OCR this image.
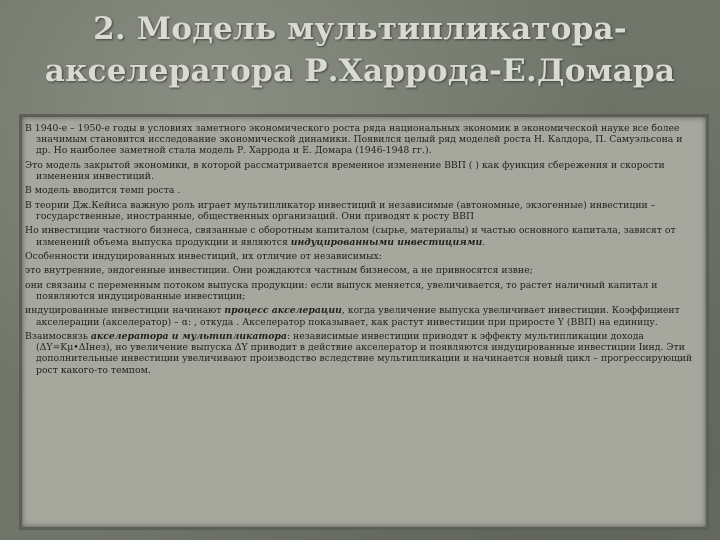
2. Модель мультипликатора-
акселератора Р.Харрода-Е.Домара

В 1940-е – 1950-е годы в условиях заметного экономического роста ряда национальных экономик в экономической науке все более значимым становится исследование экономической динамики. Появился целый ряд моделей роста Н. Калдора, П. Самуэльсона и др. Но наиболее заметной стала модель Р. Харрода и Е. Домара (1946-1948 гг.).

Это модель закрытой экономики, в которой рассматривается временное изменение ВВП ( ) как функция сбережения и скорости изменения инвестиций.

В модель вводится темп роста .

В теории Дж.Кейнса важную роль играет мультипликатор инвестиций и независимые (автономные, экзогенные) инвестиции – государственные, иностранные, общественных организаций. Они приводят к росту ВВП

Но инвестиции частного бизнеса, связанные с оборотным капиталом (сырье, материалы) и частью основного капитала, зависят от изменений объема выпуска продукции и являются индуцированными инвестициями.

Особенности индуцированных инвестиций, их отличие от независимых:

это внутренние, эндогенные инвестиции. Они рождаются частным бизнесом, а не привносятся извне;

они связаны с переменным потоком выпуска продукции: если выпуск меняется, увеличивается, то растет наличный капитал и появляются индуцированные инвестиции;

индуцированные инвестиции начинают процесс акселерации, когда увеличение выпуска увеличивает инвестиции. Коэффициент акселерации (акселератор) – α: , откуда . Акселератор показывает, как растут инвестиции при приросте Y (ВВП) на единицу.

Взаимосвязь акселератора и мультипликатора: независимые инвестиции приводят к эффекту мультипликации дохода (ΔY=Kμ•ΔIнез), но увеличение выпуска ΔY приводит в действие акселератор и появляются индуцированные инвестиции Iинд. Эти дополнительные инвестиции увеличивают производство вследствие мультипликации и начинается новый цикл – прогрессирующий рост какого-то темпом.
